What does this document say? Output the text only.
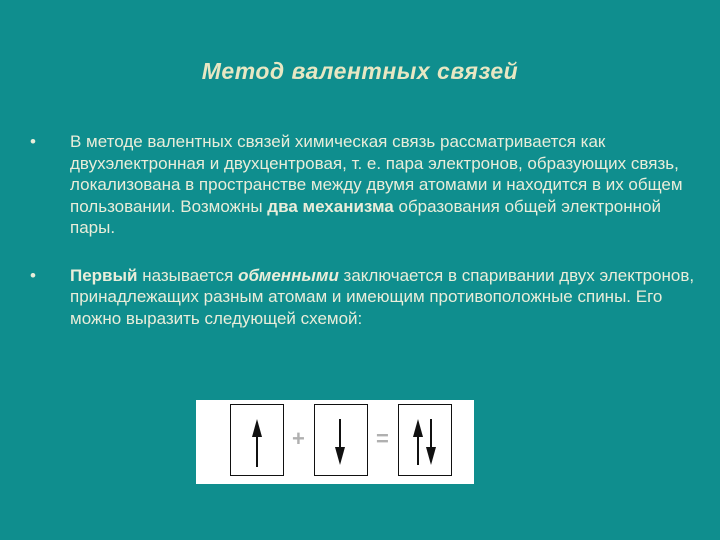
Метод валентных связей
• В методе валентных связей химическая связь рассматривается как двухэлектронная и двухцентровая, т. е. пара электронов, образующих связь, локализована в пространстве между двумя атомами и находится в их общем пользовании. Возможны два механизма образования общей электронной пары.
• Первый называется обменными заключается в спаривании двух электронов, принадлежащих разным атомам и имеющим противоположные спины. Его можно выразить следующей схемой:
+	=
